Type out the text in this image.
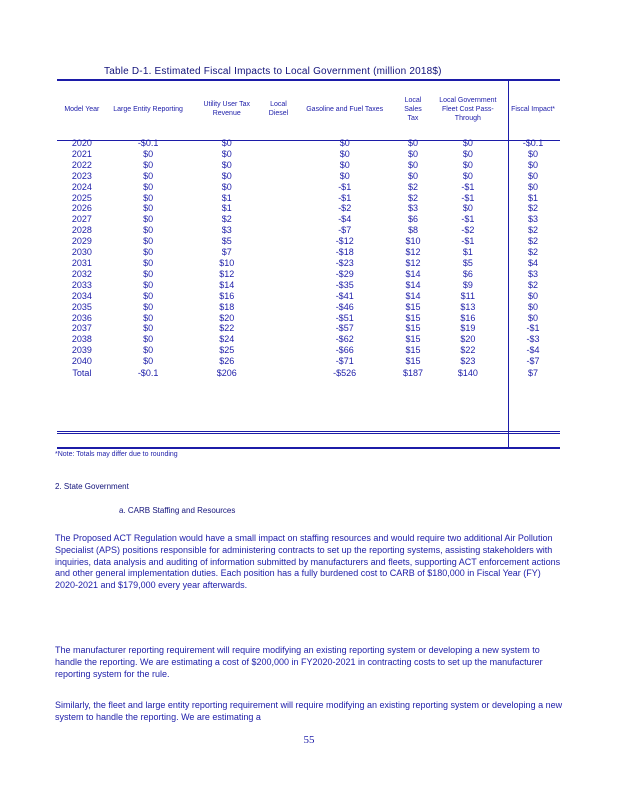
Table D-1. Estimated Fiscal Impacts to Local Government (million 2018$)
Model Year	Large Entity Reporting	Utility User Tax Revenue	Local Diesel	Gasoline and Fuel Taxes	Local Sales Tax	Local Government Fleet Cost Pass-Through	Fiscal Impact*
2020	-$0.1	$0		$0	$0	$0	-$0.1
2021	$0	$0		$0	$0	$0	$0
2022	$0	$0		$0	$0	$0	$0
2023	$0	$0		$0	$0	$0	$0
2024	$0	$0		-$1	$2	-$1	$0
2025	$0	$1		-$1	$2	-$1	$1
2026	$0	$1		-$2	$3	$0	$2
2027	$0	$2		-$4	$6	-$1	$3
2028	$0	$3		-$7	$8	-$2	$2
2029	$0	$5		-$12	$10	-$1	$2
2030	$0	$7		-$18	$12	$1	$2
2031	$0	$10		-$23	$12	$5	$4
2032	$0	$12		-$29	$14	$6	$3
2033	$0	$14		-$35	$14	$9	$2
2034	$0	$16		-$41	$14	$11	$0
2035	$0	$18		-$46	$15	$13	$0
2036	$0	$20		-$51	$15	$16	$0
2037	$0	$22		-$57	$15	$19	-$1
2038	$0	$24		-$62	$15	$20	-$3
2039	$0	$25		-$66	$15	$22	-$4
2040	$0	$26		-$71	$15	$23	-$7
Total	-$0.1	$206		-$526	$187	$140	$7
*Note: Totals may differ due to rounding
2. State Government
a. CARB Staffing and Resources

The Proposed ACT Regulation would have a small impact on staffing resources and would require two additional Air Pollution Specialist (APS) positions responsible for administering contracts to set up the reporting systems, assisting stakeholders with inquiries, data analysis and auditing of information submitted by manufacturers and fleets, supporting ACT enforcement actions and other general implementation duties. Each position has a fully burdened cost to CARB of $180,000 in Fiscal Year (FY) 2020-2021 and $179,000 every year afterwards.

The manufacturer reporting requirement will require modifying an existing reporting system or developing a new system to handle the reporting. We are estimating a cost of $200,000 in FY2020-2021 in contracting costs to set up the manufacturer reporting system for the rule.

Similarly, the fleet and large entity reporting requirement will require modifying an existing reporting system or developing a new system to handle the reporting. We are estimating a

55
